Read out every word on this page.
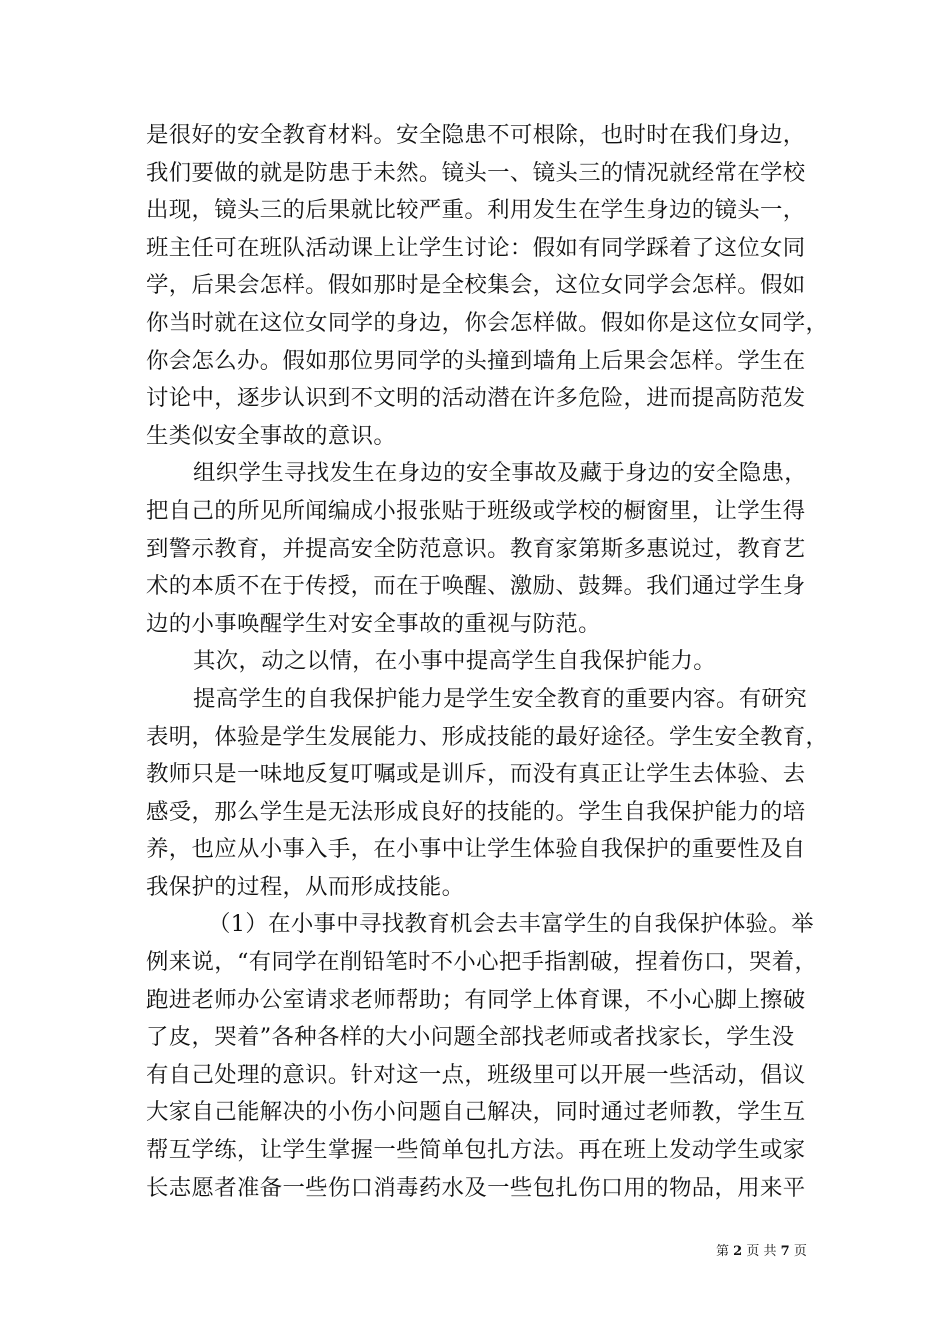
是很好的安全教育材料。安全隐患不可根除，也时时在我们身边，
我们要做的就是防患于未然。镜头一、镜头三的情况就经常在学校
出现，镜头三的后果就比较严重。利用发生在学生身边的镜头一，
班主任可在班队活动课上让学生讨论：假如有同学踩着了这位女同
学，后果会怎样。假如那时是全校集会，这位女同学会怎样。假如
你当时就在这位女同学的身边，你会怎样做。假如你是这位女同学，
你会怎么办。假如那位男同学的头撞到墙角上后果会怎样。学生在
讨论中，逐步认识到不文明的活动潜在许多危险，进而提高防范发
生类似安全事故的意识。
组织学生寻找发生在身边的安全事故及藏于身边的安全隐患，
把自己的所见所闻编成小报张贴于班级或学校的橱窗里，让学生得
到警示教育，并提高安全防范意识。教育家第斯多惠说过，教育艺
术的本质不在于传授，而在于唤醒、激励、鼓舞。我们通过学生身
边的小事唤醒学生对安全事故的重视与防范。
其次，动之以情，在小事中提高学生自我保护能力。
提高学生的自我保护能力是学生安全教育的重要内容。有研究
表明，体验是学生发展能力、形成技能的最好途径。学生安全教育，
教师只是一味地反复叮嘱或是训斥，而没有真正让学生去体验、去
感受，那么学生是无法形成良好的技能的。学生自我保护能力的培
养，也应从小事入手，在小事中让学生体验自我保护的重要性及自
我保护的过程，从而形成技能。
（1）在小事中寻找教育机会去丰富学生的自我保护体验。举
例来说，“有同学在削铅笔时不小心把手指割破，捏着伤口，哭着，
跑进老师办公室请求老师帮助；有同学上体育课，不小心脚上擦破
了皮，哭着”各种各样的大小问题全部找老师或者找家长，学生没
有自己处理的意识。针对这一点，班级里可以开展一些活动，倡议
大家自己能解决的小伤小问题自己解决，同时通过老师教，学生互
帮互学练，让学生掌握一些简单包扎方法。再在班上发动学生或家
长志愿者准备一些伤口消毒药水及一些包扎伤口用的物品，用来平
第 2 页 共 7 页
